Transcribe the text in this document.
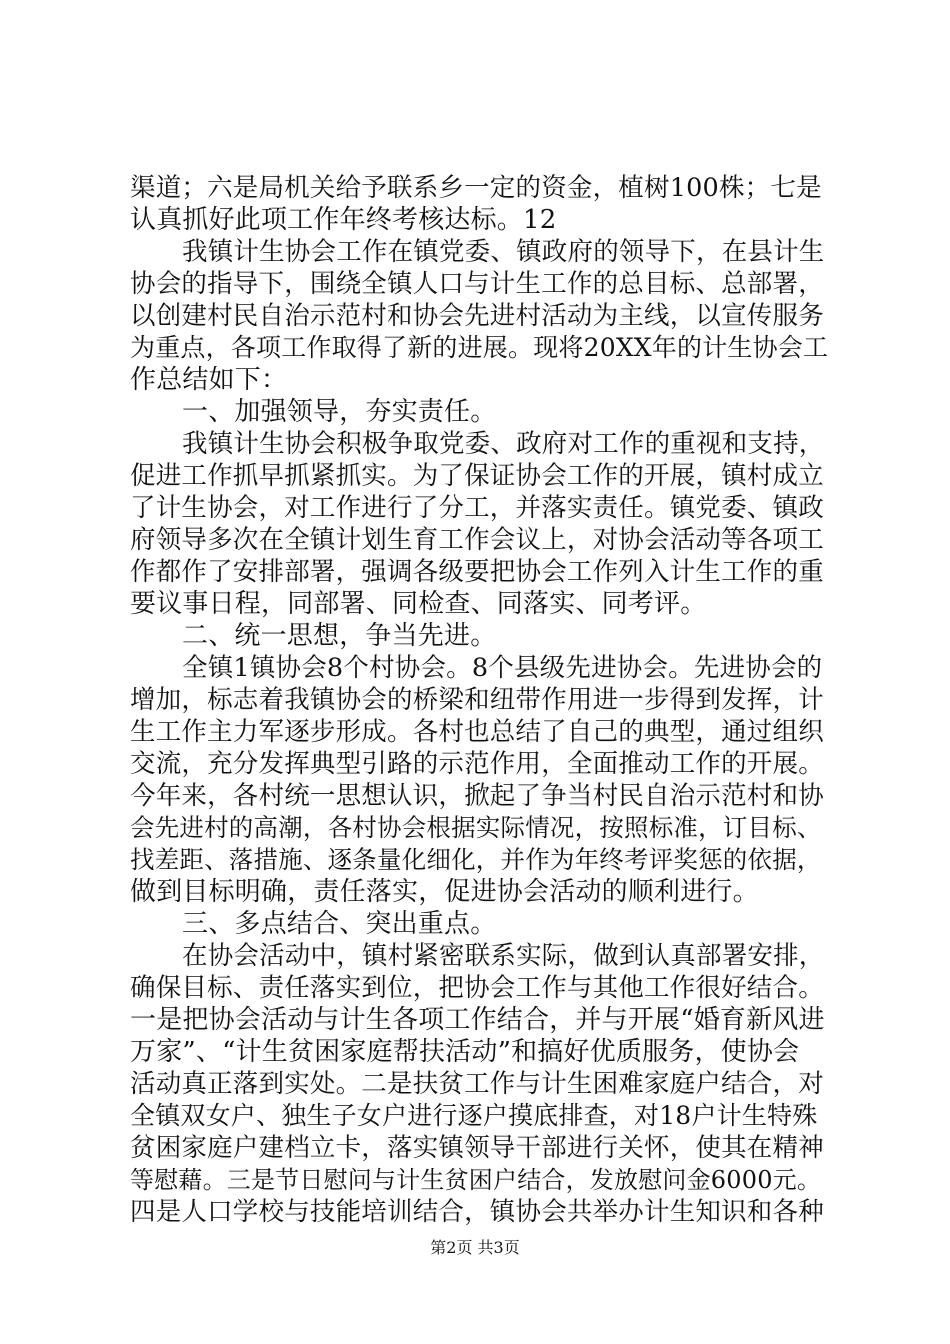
渠道；六是局机关给予联系乡一定的资金，植树100株；七是
认真抓好此项工作年终考核达标。12
我镇计生协会工作在镇党委、镇政府的领导下，在县计生
协会的指导下，围绕全镇人口与计生工作的总目标、总部署，
以创建村民自治示范村和协会先进村活动为主线，以宣传服务
为重点，各项工作取得了新的进展。现将20XX年的计生协会工
作总结如下：
一、加强领导，夯实责任。
我镇计生协会积极争取党委、政府对工作的重视和支持，
促进工作抓早抓紧抓实。为了保证协会工作的开展，镇村成立
了计生协会，对工作进行了分工，并落实责任。镇党委、镇政
府领导多次在全镇计划生育工作会议上，对协会活动等各项工
作都作了安排部署，强调各级要把协会工作列入计生工作的重
要议事日程，同部署、同检查、同落实、同考评。
二、统一思想，争当先进。
全镇1镇协会8个村协会。8个县级先进协会。先进协会的
增加，标志着我镇协会的桥梁和纽带作用进一步得到发挥，计
生工作主力军逐步形成。各村也总结了自己的典型，通过组织
交流，充分发挥典型引路的示范作用，全面推动工作的开展。
今年来，各村统一思想认识，掀起了争当村民自治示范村和协
会先进村的高潮，各村协会根据实际情况，按照标准，订目标、
找差距、落措施、逐条量化细化，并作为年终考评奖惩的依据，
做到目标明确，责任落实，促进协会活动的顺利进行。
三、多点结合、突出重点。
在协会活动中，镇村紧密联系实际，做到认真部署安排，
确保目标、责任落实到位，把协会工作与其他工作很好结合。
一是把协会活动与计生各项工作结合，并与开展“婚育新风进
万家”、“计生贫困家庭帮扶活动”和搞好优质服务，使协会
活动真正落到实处。二是扶贫工作与计生困难家庭户结合，对
全镇双女户、独生子女户进行逐户摸底排查，对18户计生特殊
贫困家庭户建档立卡，落实镇领导干部进行关怀，使其在精神
等慰藉。三是节日慰问与计生贫困户结合，发放慰问金6000元。
四是人口学校与技能培训结合，镇协会共举办计生知识和各种
第2页 共3页
